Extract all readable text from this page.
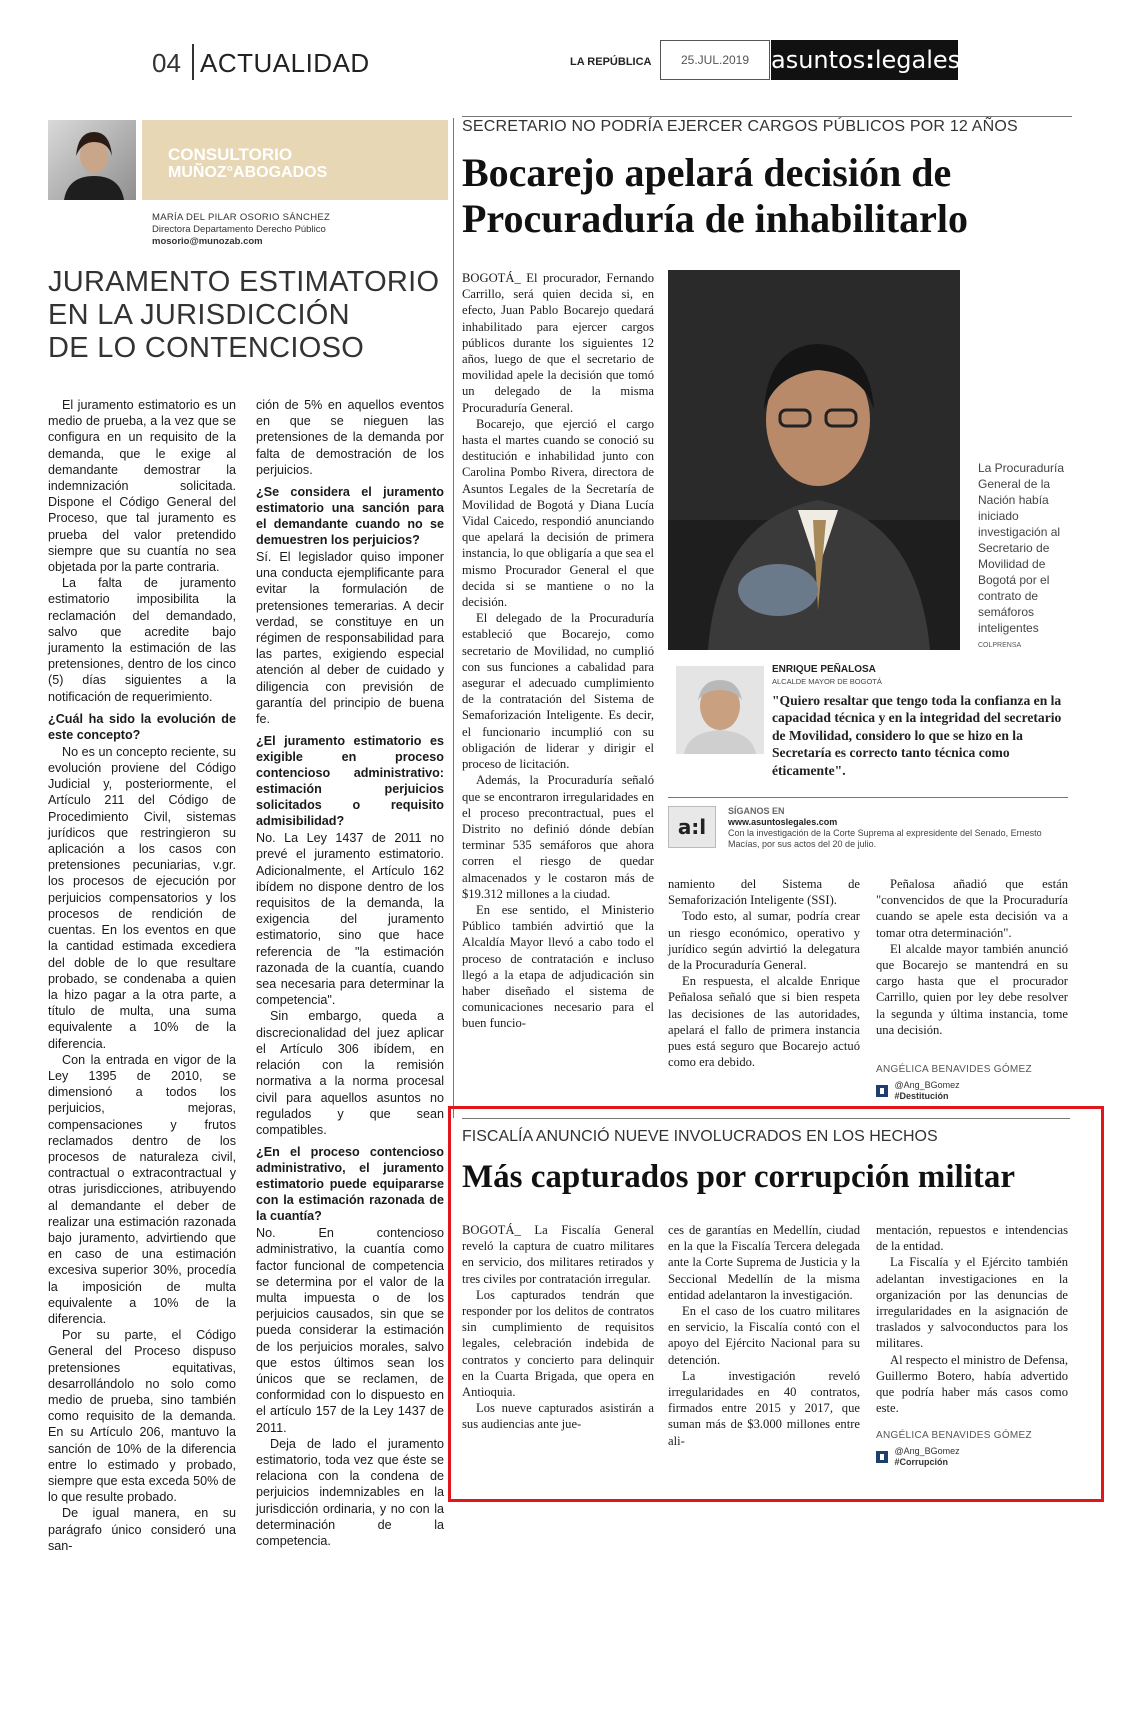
04 ACTUALIDAD	LA REPÚBLICA	25.JUL.2019 asuntos:legales
CONSULTORIO
MUÑOZ°ABOGADOS
MARÍA DEL PILAR OSORIO SÁNCHEZ
Directora Departamento Derecho Público
mosorio@munozab.com
JURAMENTO ESTIMATORIO
EN LA JURISDICCIÓN
DE LO CONTENCIOSO

El juramento estimatorio es un medio de prueba, a la vez que se configura en un requisito de la demanda, que le exige al demandante demostrar la indemnización solicitada. Dispone el Código General del Proceso, que tal juramento es prueba del valor pretendido siempre que su cuantía no sea objetada por la parte contraria.

La falta de juramento estimatorio imposibilita la reclamación del demandado, salvo que acredite bajo juramento la estimación de las pretensiones, dentro de los cinco (5) días siguientes a la notificación de requerimiento.

¿Cuál ha sido la evolución de este concepto?

No es un concepto reciente, su evolución proviene del Código Judicial y, posteriormente, el Artículo 211 del Código de Procedimiento Civil, sistemas jurídicos que restringieron su aplicación a los casos con pretensiones pecuniarias, v.gr. los procesos de ejecución por perjuicios compensatorios y los procesos de rendición de cuentas. En los eventos en que la cantidad estimada excediera del doble de lo que resultare probado, se condenaba a quien la hizo pagar a la otra parte, a título de multa, una suma equivalente a 10% de la diferencia.

Con la entrada en vigor de la Ley 1395 de 2010, se dimensionó a todos los perjuicios, mejoras, compensaciones y frutos reclamados dentro de los procesos de naturaleza civil, contractual o extracontractual y otras jurisdicciones, atribuyendo al demandante el deber de realizar una estimación razonada bajo juramento, advirtiendo que en caso de una estimación excesiva superior 30%, procedía la imposición de multa equivalente a 10% de la diferencia.

Por su parte, el Código General del Proceso dispuso pretensiones equitativas, desarrollándolo no solo como medio de prueba, sino también como requisito de la demanda. En su Artículo 206, mantuvo la sanción de 10% de la diferencia entre lo estimado y probado, siempre que esta exceda 50% de lo que resulte probado.

De igual manera, en su parágrafo único consideró una san-

ción de 5% en aquellos eventos en que se nieguen las pretensiones de la demanda por falta de demostración de los perjuicios.

¿Se considera el juramento estimatorio una sanción para el demandante cuando no se demuestren los perjuicios?

Sí. El legislador quiso imponer una conducta ejemplificante para evitar la formulación de pretensiones temerarias. A decir verdad, se constituye en un régimen de responsabilidad para las partes, exigiendo especial atención al deber de cuidado y diligencia con previsión de garantía del principio de buena fe.

¿El juramento estimatorio es exigible en proceso contencioso administrativo: estimación perjuicios solicitados o requisito admisibilidad?

No. La Ley 1437 de 2011 no prevé el juramento estimatorio. Adicionalmente, el Artículo 162 ibídem no dispone dentro de los requisitos de la demanda, la exigencia del juramento estimatorio, sino que hace referencia de "la estimación razonada de la cuantía, cuando sea necesaria para determinar la competencia".

Sin embargo, queda a discrecionalidad del juez aplicar el Artículo 306 ibídem, en relación con la remisión normativa a la norma procesal civil para aquellos asuntos no regulados y que sean compatibles.

¿En el proceso contencioso administrativo, el juramento estimatorio puede equipararse con la estimación razonada de la cuantía?

No. En contencioso administrativo, la cuantía como factor funcional de competencia se determina por el valor de la multa impuesta o de los perjuicios causados, sin que se pueda considerar la estimación de los perjuicios morales, salvo que estos últimos sean los únicos que se reclamen, de conformidad con lo dispuesto en el artículo 157 de la Ley 1437 de 2011.

Deja de lado el juramento estimatorio, toda vez que éste se relaciona con la condena de perjuicios indemnizables en la jurisdicción ordinaria, y no con la determinación de la competencia.

SECRETARIO NO PODRÍA EJERCER CARGOS PÚBLICOS POR 12 AÑOS
Bocarejo apelará decisión de
Procuraduría de inhabilitarlo

BOGOTÁ_ El procurador, Fernando Carrillo, será quien decida si, en efecto, Juan Pablo Bocarejo quedará inhabilitado para ejercer cargos públicos durante los siguientes 12 años, luego de que el secretario de movilidad apele la decisión que tomó un delegado de la misma Procuraduría General.

Bocarejo, que ejerció el cargo hasta el martes cuando se conoció su destitución e inhabilidad junto con Carolina Pombo Rivera, directora de Asuntos Legales de la Secretaría de Movilidad de Bogotá y Diana Lucía Vidal Caicedo, respondió anunciando que apelará la decisión de primera instancia, lo que obligaría a que sea el mismo Procurador General el que decida si se mantiene o no la decisión.

El delegado de la Procuraduría estableció que Bocarejo, como secretario de Movilidad, no cumplió con sus funciones a cabalidad para asegurar el adecuado cumplimiento de la contratación del Sistema de Semaforización Inteligente. Es decir, el funcionario incumplió con su obligación de liderar y dirigir el proceso de licitación.

Además, la Procuraduría señaló que se encontraron irregularidades en el proceso precontractual, pues el Distrito no definió dónde debían terminar 535 semáforos que ahora corren el riesgo de quedar almacenados y le costaron más de $19.312 millones a la ciudad.

En ese sentido, el Ministerio Público también advirtió que la Alcaldía Mayor llevó a cabo todo el proceso de contratación e incluso llegó a la etapa de adjudicación sin haber diseñado el sistema de comunicaciones necesario para el buen funcio-

La Procuraduría General de la Nación había iniciado investigación al Secretario de Movilidad de Bogotá por el contrato de semáforos inteligentes
COLPRENSA
ENRIQUE PEÑALOSA
ALCALDE MAYOR DE BOGOTÁ
"Quiero resaltar que tengo toda la confianza en la capacidad técnica y en la integridad del secretario de Movilidad, considero lo que se hizo en la Secretaría es correcto tanto técnica como éticamente".
a:l
SÍGANOS EN
www.asuntoslegales.com
Con la investigación de la Corte Suprema al expresidente del Senado, Ernesto Macías, por sus actos del 20 de julio.

namiento del Sistema de Semaforización Inteligente (SSI).

Todo esto, al sumar, podría crear un riesgo económico, operativo y jurídico según advirtió la delegatura de la Procuraduría General.

En respuesta, el alcalde Enrique Peñalosa señaló que si bien respeta las decisiones de las autoridades, apelará el fallo de primera instancia pues está seguro que Bocarejo actuó como era debido.

Peñalosa añadió que están "convencidos de que la Procuraduría cuando se apele esta decisión va a tomar otra determinación".

El alcalde mayor también anunció que Bocarejo se mantendrá en su cargo hasta que el procurador Carrillo, quien por ley debe resolver la segunda y última instancia, tome una decisión.

ANGÉLICA BENAVIDES GÓMEZ

@Ang_BGomez
#Destitución
FISCALÍA ANUNCIÓ NUEVE INVOLUCRADOS EN LOS HECHOS
Más capturados por corrupción militar

BOGOTÁ_ La Fiscalía General reveló la captura de cuatro militares en servicio, dos militares retirados y tres civiles por contratación irregular.

Los capturados tendrán que responder por los delitos de contratos sin cumplimiento de requisitos legales, celebración indebida de contratos y concierto para delinquir en la Cuarta Brigada, que opera en Antioquia.

Los nueve capturados asistirán a sus audiencias ante jue-

ces de garantías en Medellín, ciudad en la que la Fiscalía Tercera delegada ante la Corte Suprema de Justicia y la Seccional Medellín de la misma entidad adelantaron la investigación.

En el caso de los cuatro militares en servicio, la Fiscalía contó con el apoyo del Ejército Nacional para su detención.

La investigación reveló irregularidades en 40 contratos, firmados entre 2015 y 2017, que suman más de $3.000 millones entre ali-

mentación, repuestos e intendencias de la entidad.

La Fiscalía y el Ejército también adelantan investigaciones en la organización por las denuncias de irregularidades en la asignación de traslados y salvoconductos para los militares.

Al respecto el ministro de Defensa, Guillermo Botero, había advertido que podría haber más casos como este.

ANGÉLICA BENAVIDES GÓMEZ

@Ang_BGomez
#Corrupción
